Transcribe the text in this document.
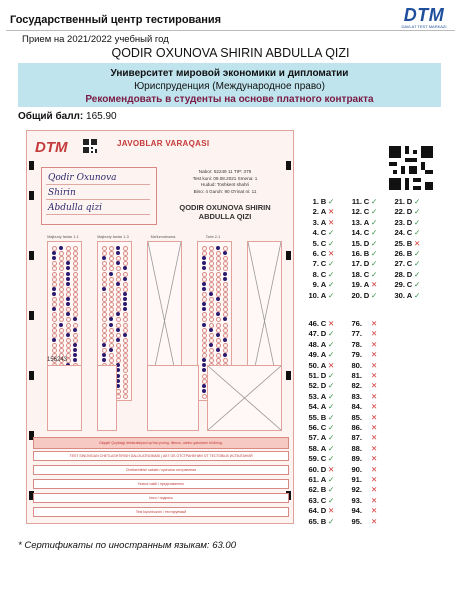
Государственный центр тестирования	DTM
DAVLAT TEST MARKAZI
Прием на 2021/2022 учебный год
QODIR OXUNOVA SHIRIN ABDULLA QIZI
Университет мировой экономики и дипломатии
Юриспруденция (Международное право)
Рекомендовать в студенты на основе платного контракта
Общий балл: 165.90
DTM	JAVOBLAR VARAQASI
Qodir Oxunova
Shirin
Abdulla qizi
Nabor: 52249 11 TIP: 379
Test kuni: 09.08.2021 Smena: 1
Hudud: Toshkent shahri
Bino: 4 Guruh: 90 O'rinat ni: 11
QODIR OXUNOVA SHIRIN ABDULLA QIZI
Majburiy fanlar 1-1	Majburiy fanlar 1-3	Ma'lumotnoma	Tarix 2-1
156243
Diqqat! Quyidagi deklaratsiyani qo'lda yozing. Iltimos, ushbu qatorlarni to'ldiring.
TEST SINOVIDAN CHETLASHTIRISH DALOLATNOMASI | АКТ ОБ ОТСТРАНЕНИИ ОТ ТЕСТОВЫХ ИСПЫТАНИЙ
Chetlashtirish sababi / причина отстранения
Hudud vakili / представитель
Imzo / подпись
Test topshiruvchi / тестируемый
1. B ✓
2. A ✕
3. A ✕
4. C ✓
5. C ✓
6. C ✕
7. C ✓
8. C ✓
9. A ✓
10. A ✓
11. C ✓
12. C ✓
13. A ✓
14. C ✓
15. D ✓
16. B ✓
17. D ✓
18. C ✓
19. A ✕
20. D ✓
21. D ✓
22. D ✓
23. D ✓
24. C ✓
25. B ✕
26. B ✓
27. C ✓
28. D ✓
29. C ✓
30. A ✓
46. C ✕
47. D ✓
48. A ✓
49. A ✓
50. A ✕
51. D ✓
52. D ✓
53. A ✓
54. A ✓
55. B ✓
56. C ✓
57. A ✓
58. A ✓
59. C ✓
60. D ✕
61. A ✓
62. B ✓
63. C ✓
64. D ✕
65. B ✓
76. ✕
77. ✕
78. ✕
79. ✕
80. ✕
81. ✕
82. ✕
83. ✕
84. ✕
85. ✕
86. ✕
87. ✕
88. ✕
89. ✕
90. ✕
91. ✕
92. ✕
93. ✕
94. ✕
95. ✕
* Сертификаты по иностранным языкам: 63.00
